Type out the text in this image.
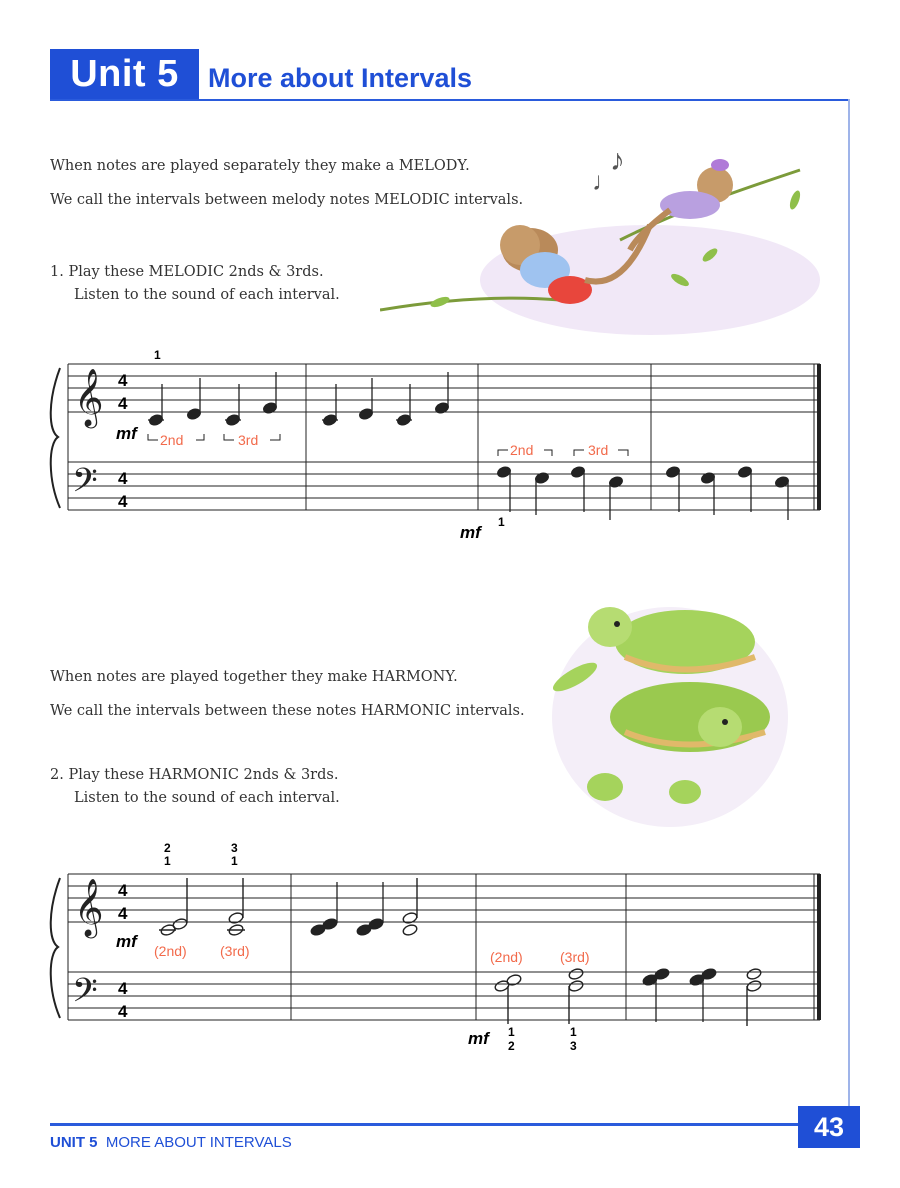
Unit 5	More about Intervals
When notes are played separately they make a MELODY.
We call the intervals between melody notes MELODIC intervals.
1. Play these MELODIC 2nds & 3rds.
Listen to the sound of each interval.
♪
♩
𝄞
𝄢
4
4
4
4
1
mf 2nd	3rd
2nd	3rd
mf
1
When notes are played together they make HARMONY.
We call the intervals between these notes HARMONIC intervals.
2. Play these HARMONIC 2nds & 3rds.
Listen to the sound of each interval.
𝄞
𝄢
4
4
4
4
2
1
3
1
mf (2nd) (3rd)	(2nd)	(3rd)
mf 1
2
1
3
UNIT 5 MORE ABOUT INTERVALS
43
